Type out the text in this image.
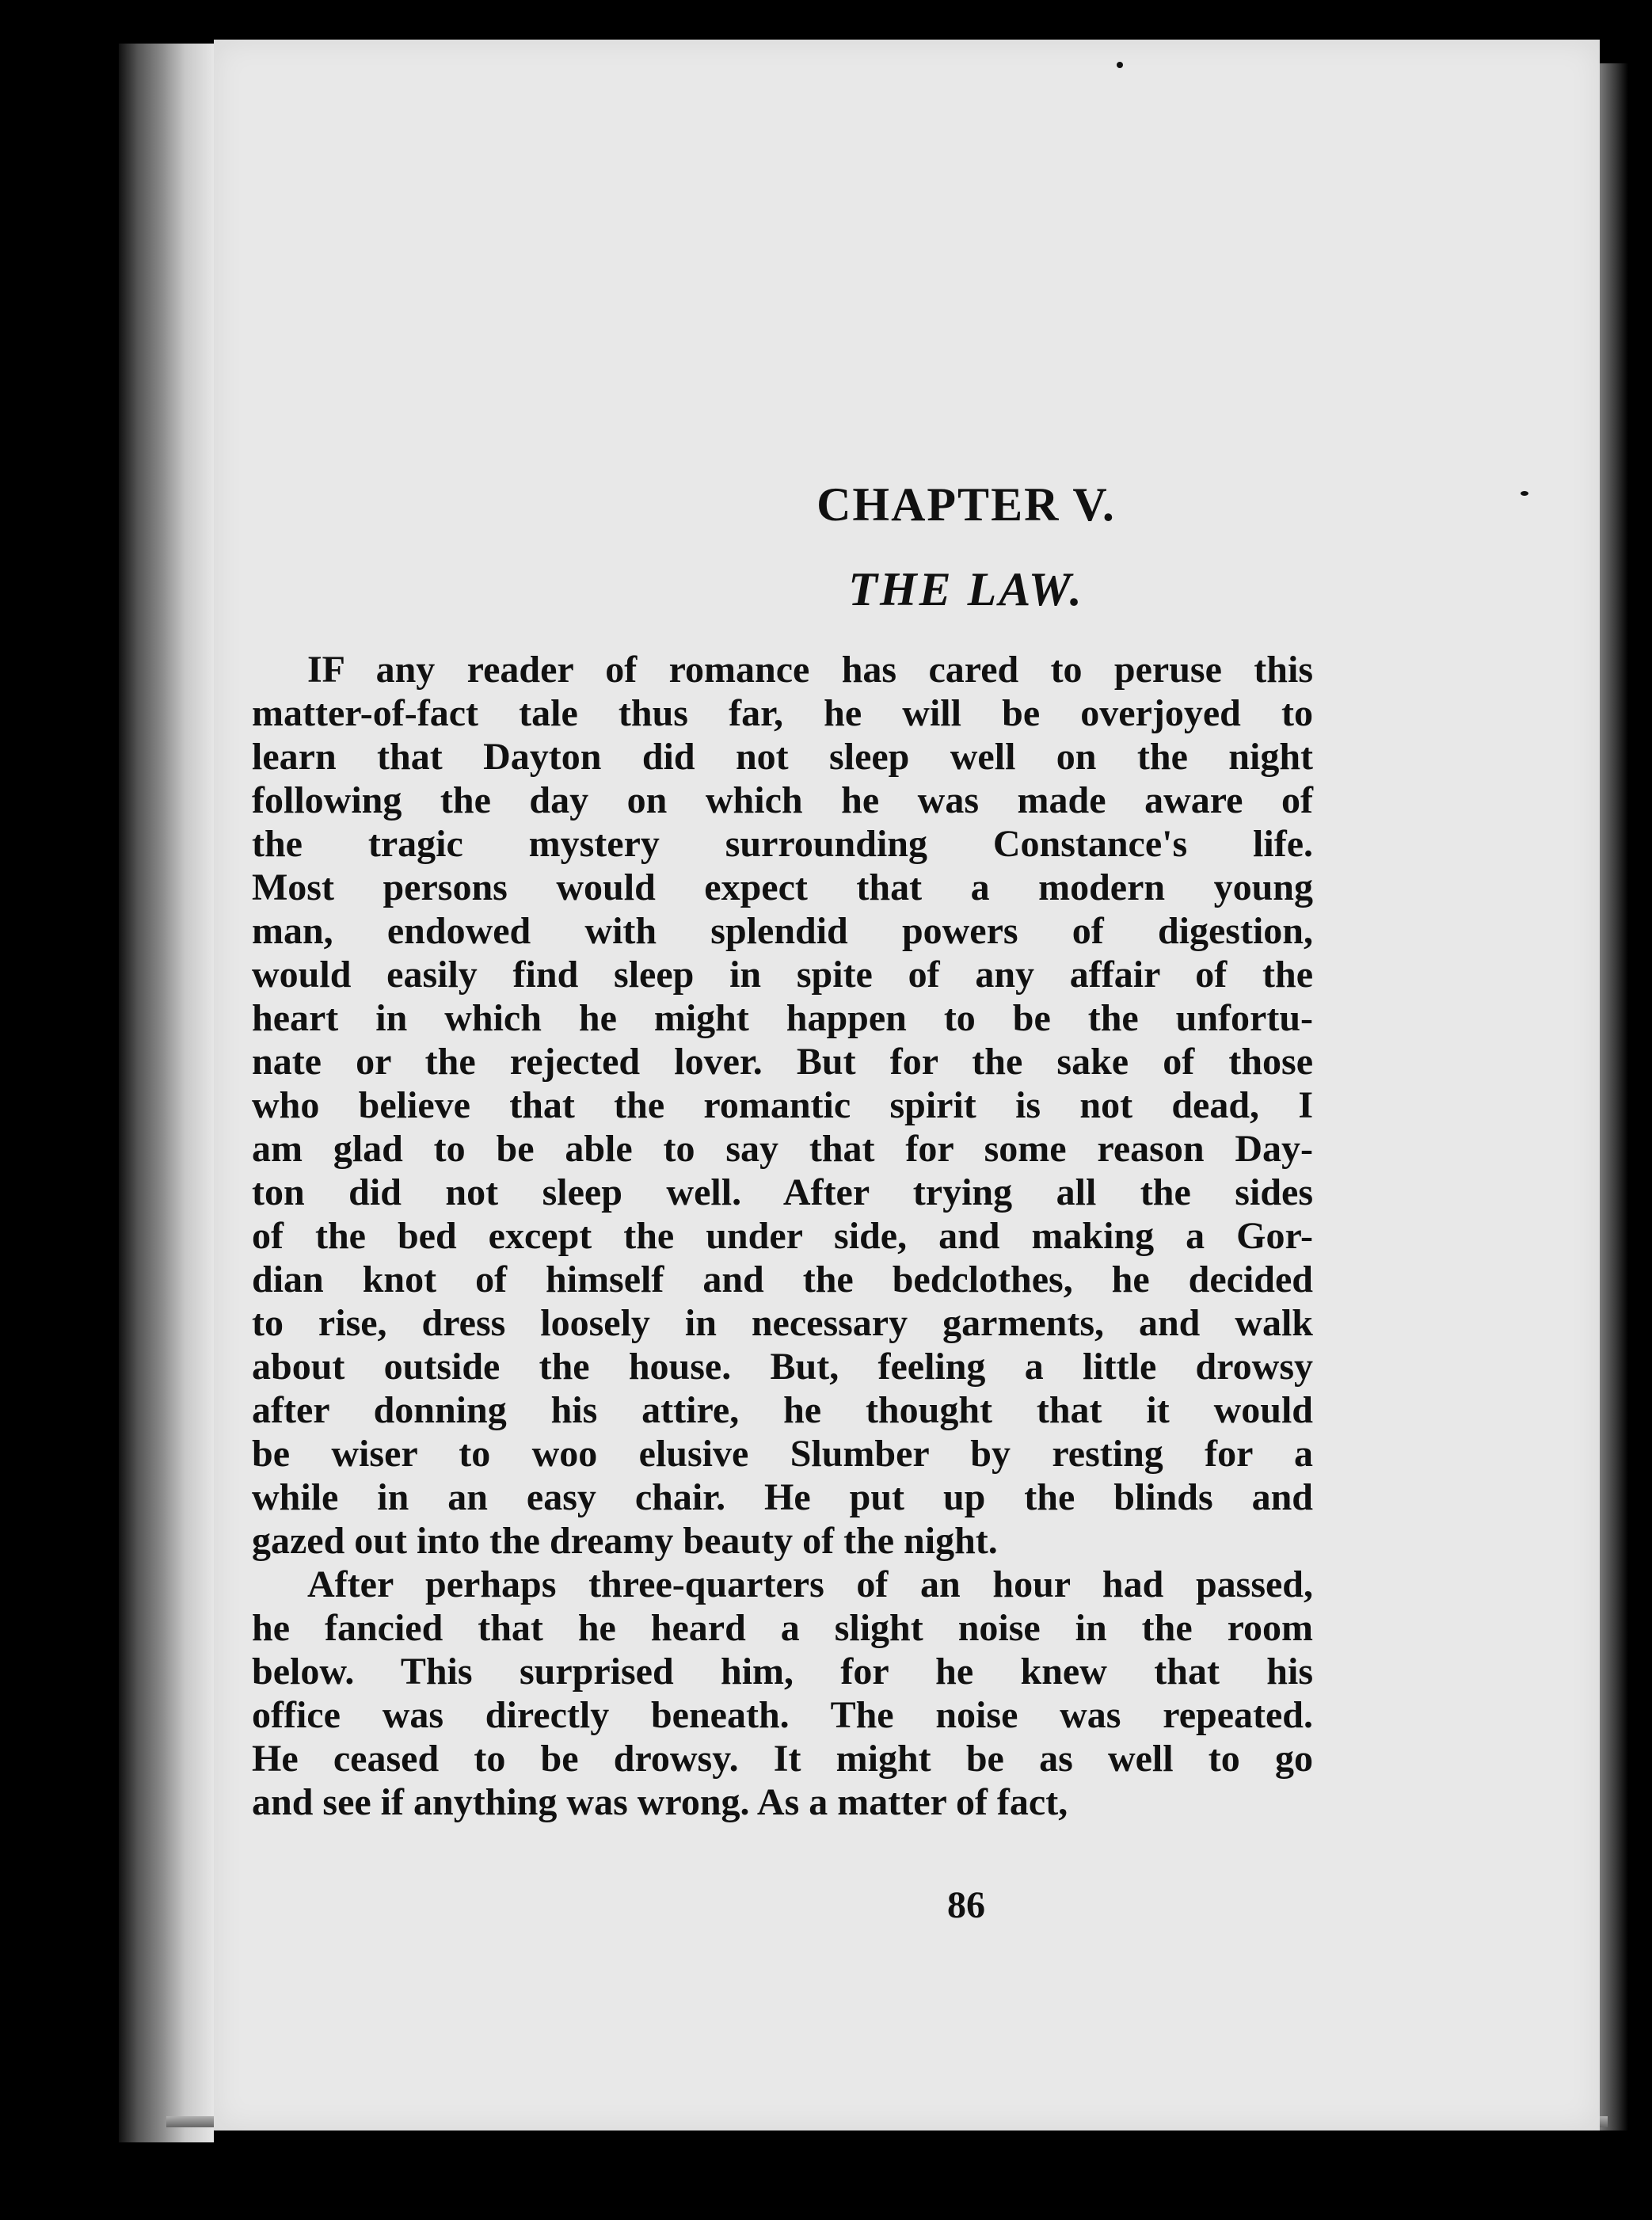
CHAPTER V.
THE LAW.
86
IF any reader of romance has cared to peruse this
matter-of-fact tale thus far, he will be overjoyed to
learn that Dayton did not sleep well on the night
following the day on which he was made aware of
the tragic mystery surrounding Constance's life.
Most persons would expect that a modern young
man, endowed with splendid powers of digestion,
would easily find sleep in spite of any affair of the
heart in which he might happen to be the unfortu-
nate or the rejected lover. But for the sake of those
who believe that the romantic spirit is not dead, I
am glad to be able to say that for some reason Day-
ton did not sleep well. After trying all the sides
of the bed except the under side, and making a Gor-
dian knot of himself and the bedclothes, he decided
to rise, dress loosely in necessary garments, and walk
about outside the house. But, feeling a little drowsy
after donning his attire, he thought that it would
be wiser to woo elusive Slumber by resting for a
while in an easy chair. He put up the blinds and
gazed out into the dreamy beauty of the night.
After perhaps three-quarters of an hour had passed,
he fancied that he heard a slight noise in the room
below. This surprised him, for he knew that his
office was directly beneath. The noise was repeated.
He ceased to be drowsy. It might be as well to go
and see if anything was wrong. As a matter of fact,
